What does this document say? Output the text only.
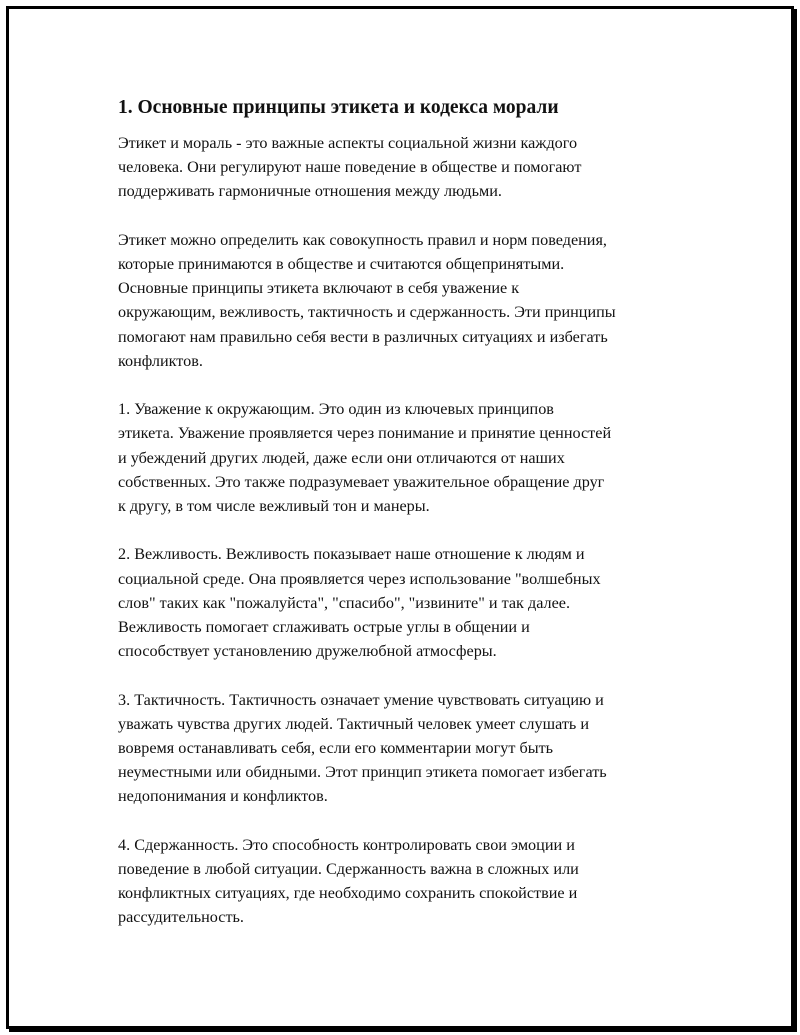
1. Основные принципы этикета и кодекса морали

Этикет и мораль - это важные аспекты социальной жизни каждого
человека. Они регулируют наше поведение в обществе и помогают
поддерживать гармоничные отношения между людьми.

Этикет можно определить как совокупность правил и норм поведения,
которые принимаются в обществе и считаются общепринятыми.
Основные принципы этикета включают в себя уважение к
окружающим, вежливость, тактичность и сдержанность. Эти принципы
помогают нам правильно себя вести в различных ситуациях и избегать
конфликтов.

1. Уважение к окружающим. Это один из ключевых принципов
этикета. Уважение проявляется через понимание и принятие ценностей
и убеждений других людей, даже если они отличаются от наших
собственных. Это также подразумевает уважительное обращение друг
к другу, в том числе вежливый тон и манеры.

2. Вежливость. Вежливость показывает наше отношение к людям и
социальной среде. Она проявляется через использование "волшебных
слов" таких как "пожалуйста", "спасибо", "извините" и так далее.
Вежливость помогает сглаживать острые углы в общении и
способствует установлению дружелюбной атмосферы.

3. Тактичность. Тактичность означает умение чувствовать ситуацию и
уважать чувства других людей. Тактичный человек умеет слушать и
вовремя останавливать себя, если его комментарии могут быть
неуместными или обидными. Этот принцип этикета помогает избегать
недопонимания и конфликтов.

4. Сдержанность. Это способность контролировать свои эмоции и
поведение в любой ситуации. Сдержанность важна в сложных или
конфликтных ситуациях, где необходимо сохранить спокойствие и
рассудительность.
